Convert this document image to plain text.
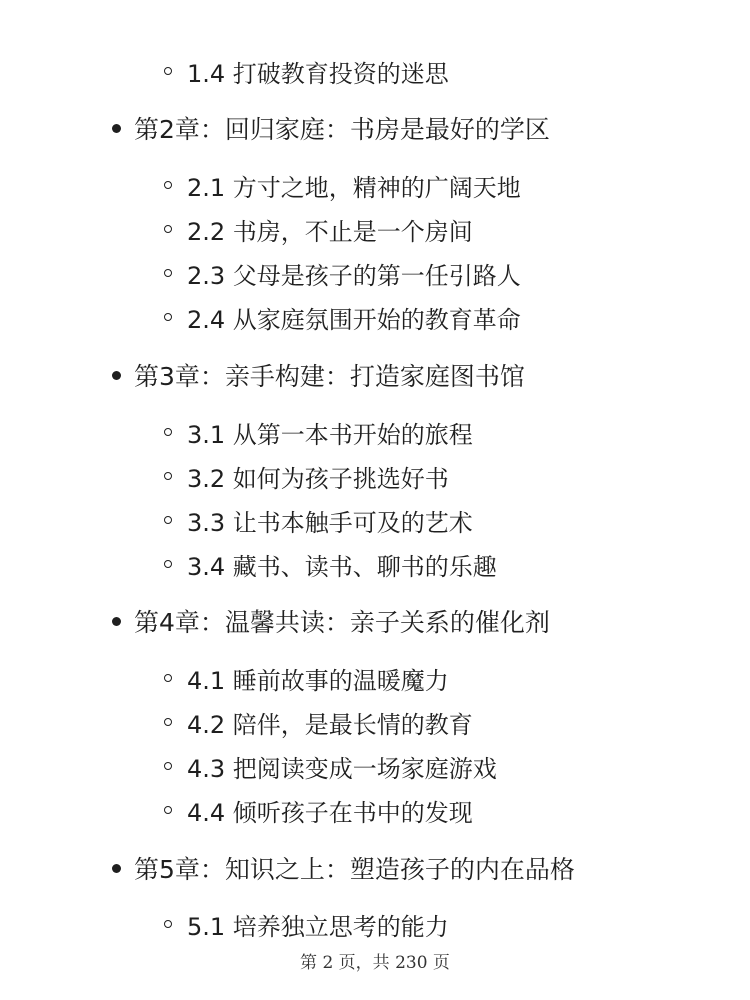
1.4 打破教育投资的迷思
第2章：回归家庭：书房是最好的学区
2.1 方寸之地，精神的广阔天地
2.2 书房，不止是一个房间
2.3 父母是孩子的第一任引路人
2.4 从家庭氛围开始的教育革命
第3章：亲手构建：打造家庭图书馆
3.1 从第一本书开始的旅程
3.2 如何为孩子挑选好书
3.3 让书本触手可及的艺术
3.4 藏书、读书、聊书的乐趣
第4章：温馨共读：亲子关系的催化剂
4.1 睡前故事的温暖魔力
4.2 陪伴，是最长情的教育
4.3 把阅读变成一场家庭游戏
4.4 倾听孩子在书中的发现
第5章：知识之上：塑造孩子的内在品格
5.1 培养独立思考的能力
第 2 页，共 230 页
